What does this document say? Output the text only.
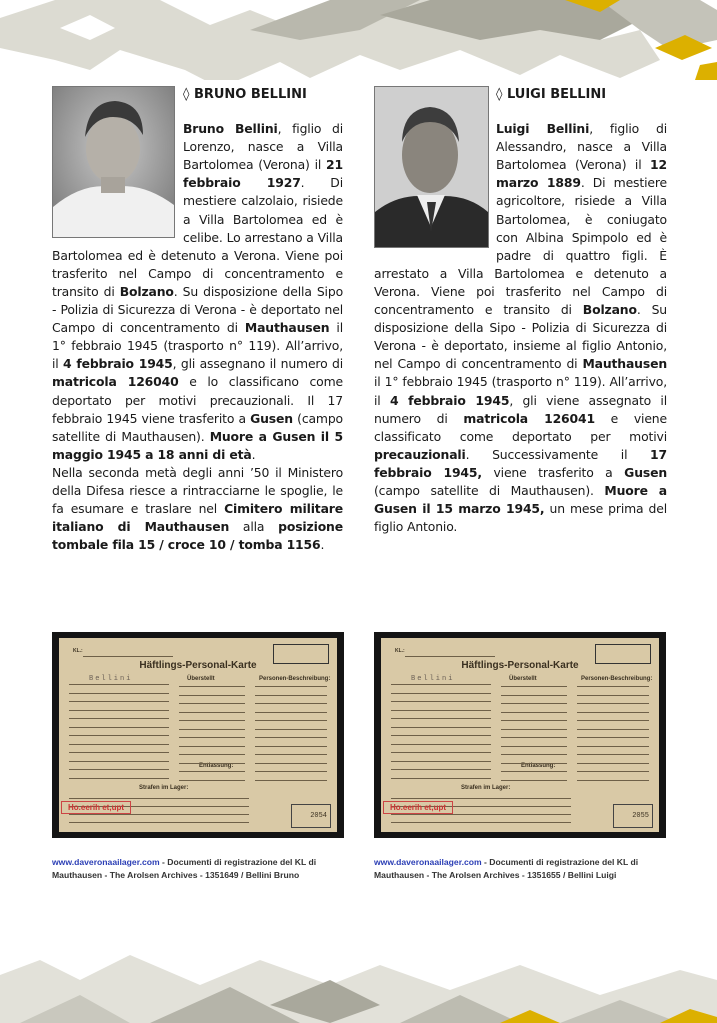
◊ BRUNO BELLINI

Bruno Bellini, figlio di Lorenzo, nasce a Villa Bartolomea (Verona) il 21 febbraio 1927. Di mestiere calzolaio, risiede a Villa Bartolomea ed è celibe. Lo arrestano a Villa Bartolomea ed è detenuto a Verona. Viene poi trasferito nel Campo di concentramento e transito di Bolzano. Su disposizione della Sipo - Polizia di Sicurezza di Verona - è deportato nel Campo di concentramento di Mauthausen il 1° febbraio 1945 (trasporto n° 119). All’arrivo, il 4 febbraio 1945, gli assegnano il numero di matricola 126040 e lo classificano come deportato per motivi precauzionali. Il 17 febbraio 1945 viene trasferito a Gusen (campo satellite di Mauthausen). Muore a Gusen il 5 maggio 1945 a 18 anni di età.

Nella seconda metà degli anni ’50 il Ministero della Difesa riesce a rintracciarne le spoglie, le fa esumare e traslare nel Cimitero militare italiano di Mauthausen alla posizione tombale fila 15 / croce 10 / tomba 1156.

◊ LUIGI BELLINI

Luigi Bellini, figlio di Alessandro, nasce a Villa Bartolomea (Verona) il 12 marzo 1889. Di mestiere agricoltore, risiede a Villa Bartolomea, è coniugato con Albina Spimpolo ed è padre di quattro figli. È arrestato a Villa Bartolomea e detenuto a Verona. Viene poi trasferito nel Campo di concentramento e transito di Bolzano. Su disposizione della Sipo - Polizia di Sicurezza di Verona - è deportato, insieme al figlio Antonio, nel Campo di concentramento di Mauthausen il 1° febbraio 1945 (trasporto n° 119). All’arrivo, il 4 febbraio 1945, gli viene assegnato il numero di matricola 126041 e viene classificato come deportato per motivi precauzionali. Successivamente il 17 febbraio 1945, viene trasferito a Gusen (campo satellite di Mauthausen). Muore a Gusen il 15 marzo 1945, un mese prima del figlio Antonio.

KL.:
Häftlings-Personal-Karte
Überstellt	Personen-Beschreibung:
Bellini
Entlassung:
Strafen im Lager:
Ho.eerih et,upt
2054
KL.:
Häftlings-Personal-Karte
Überstellt	Personen-Beschreibung:
Bellini
Entlassung:
Strafen im Lager:
Ho.eerih et,upt
2055
www.daveronaailager.com - Documenti di registrazione del KL di Mauthausen - The Arolsen Archives - 1351649 / Bellini Bruno
www.daveronaailager.com - Documenti di registrazione del KL di Mauthausen - The Arolsen Archives - 1351655 / Bellini Luigi
